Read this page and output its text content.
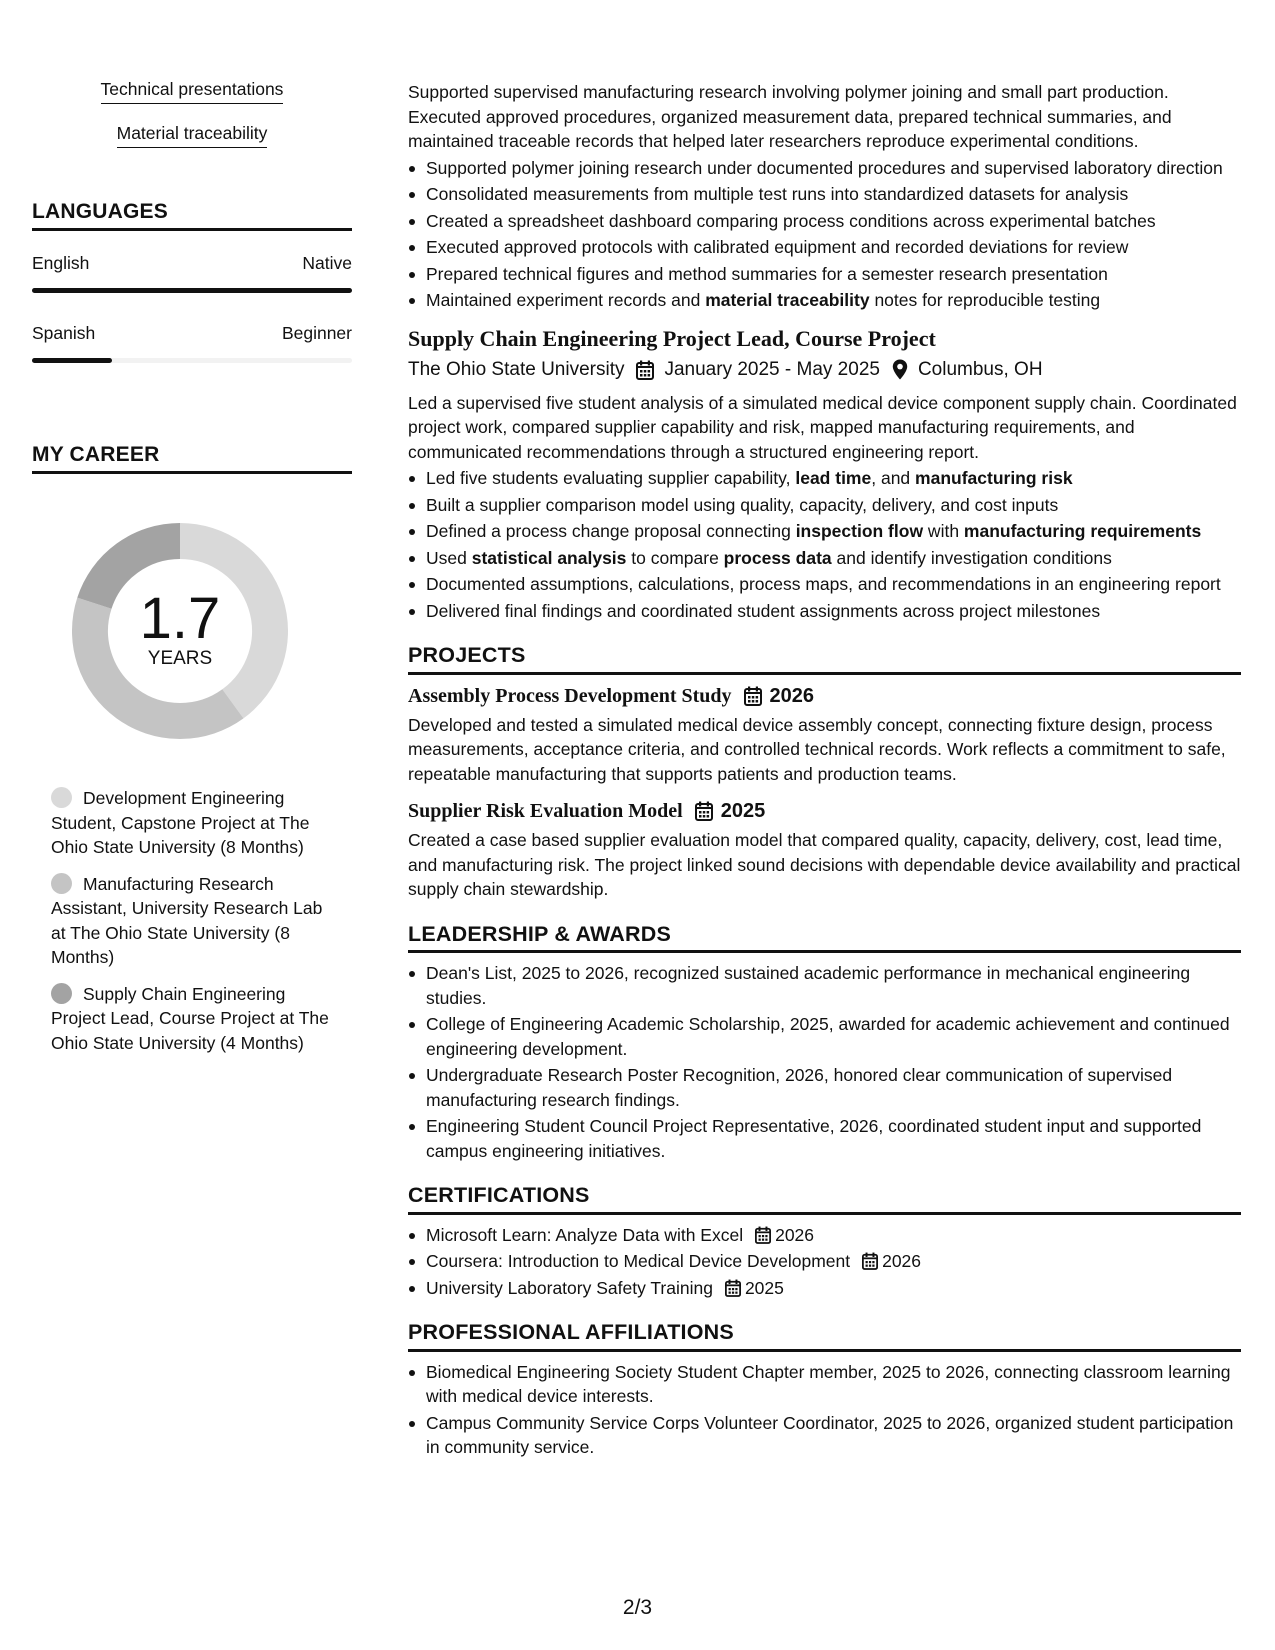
Technical presentations
Material traceability
LANGUAGES
English	Native
Spanish	Beginner
MY CAREER
1.7
YEARS
Development Engineering Student, Capstone Project at The Ohio State University (8 Months)
Manufacturing Research Assistant, University Research Lab at The Ohio State University (8 Months)
Supply Chain Engineering Project Lead, Course Project at The Ohio State University (4 Months)

Supported supervised manufacturing research involving polymer joining and small part production. Executed approved procedures, organized measurement data, prepared technical summaries, and maintained traceable records that helped later researchers reproduce experimental conditions.

Supported polymer joining research under documented procedures and supervised laboratory direction
Consolidated measurements from multiple test runs into standardized datasets for analysis
Created a spreadsheet dashboard comparing process conditions across experimental batches
Executed approved protocols with calibrated equipment and recorded deviations for review
Prepared technical figures and method summaries for a semester research presentation
Maintained experiment records and material traceability notes for reproducible testing
Supply Chain Engineering Project Lead, Course Project
The Ohio State University January 2025 - May 2025 Columbus, OH

Led a supervised five student analysis of a simulated medical device component supply chain. Coordinated project work, compared supplier capability and risk, mapped manufacturing requirements, and communicated recommendations through a structured engineering report.

Led five students evaluating supplier capability, lead time, and manufacturing risk
Built a supplier comparison model using quality, capacity, delivery, and cost inputs
Defined a process change proposal connecting inspection flow with manufacturing requirements
Used statistical analysis to compare process data and identify investigation conditions
Documented assumptions, calculations, process maps, and recommendations in an engineering report
Delivered final findings and coordinated student assignments across project milestones
PROJECTS
Assembly Process Development Study 2026

Developed and tested a simulated medical device assembly concept, connecting fixture design, process measurements, acceptance criteria, and controlled technical records. Work reflects a commitment to safe, repeatable manufacturing that supports patients and production teams.

Supplier Risk Evaluation Model 2025

Created a case based supplier evaluation model that compared quality, capacity, delivery, cost, lead time, and manufacturing risk. The project linked sound decisions with dependable device availability and practical supply chain stewardship.

LEADERSHIP & AWARDS
Dean's List, 2025 to 2026, recognized sustained academic performance in mechanical engineering studies.
College of Engineering Academic Scholarship, 2025, awarded for academic achievement and continued engineering development.
Undergraduate Research Poster Recognition, 2026, honored clear communication of supervised manufacturing research findings.
Engineering Student Council Project Representative, 2026, coordinated student input and supported campus engineering initiatives.
CERTIFICATIONS
Microsoft Learn: Analyze Data with Excel 2026
Coursera: Introduction to Medical Device Development 2026
University Laboratory Safety Training 2025
PROFESSIONAL AFFILIATIONS
Biomedical Engineering Society Student Chapter member, 2025 to 2026, connecting classroom learning with medical device interests.
Campus Community Service Corps Volunteer Coordinator, 2025 to 2026, organized student participation in community service.
2/3
